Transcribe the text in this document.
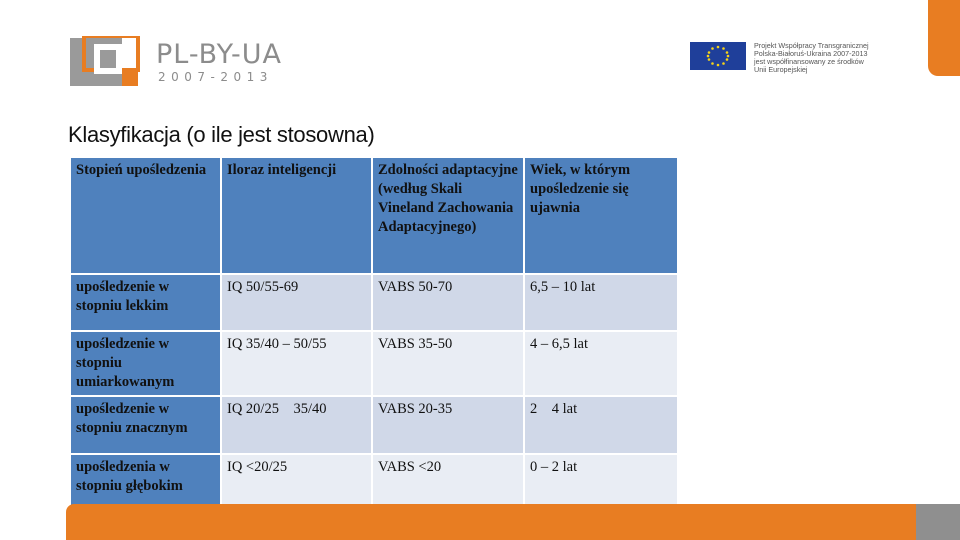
PL-BY-UA
2007-2013
Projekt Współpracy Transgranicznej
Polska-Białoruś-Ukraina 2007-2013
jest współfinansowany ze środków
Unii Europejskiej
Klasyfikacja (o ile jest stosowna)
Stopień upośledzenia	Iloraz inteligencji	Zdolności adaptacyjne (według Skali Vineland Zachowania Adaptacyjnego)	Wiek, w którym upośledzenie się ujawnia

upośledzenie w stopniu lekkim	IQ 50/55-69	VABS 50-70	6,5 – 10 lat

upośledzenie w stopniu umiarkowanym	IQ 35/40 – 50/55	VABS 35-50	4 – 6,5 lat

upośledzenie w stopniu znacznym	IQ 20/25    35/40	VABS 20-35	2    4 lat

upośledzenia w stopniu głębokim	IQ <20/25	VABS <20	0 – 2 lat
